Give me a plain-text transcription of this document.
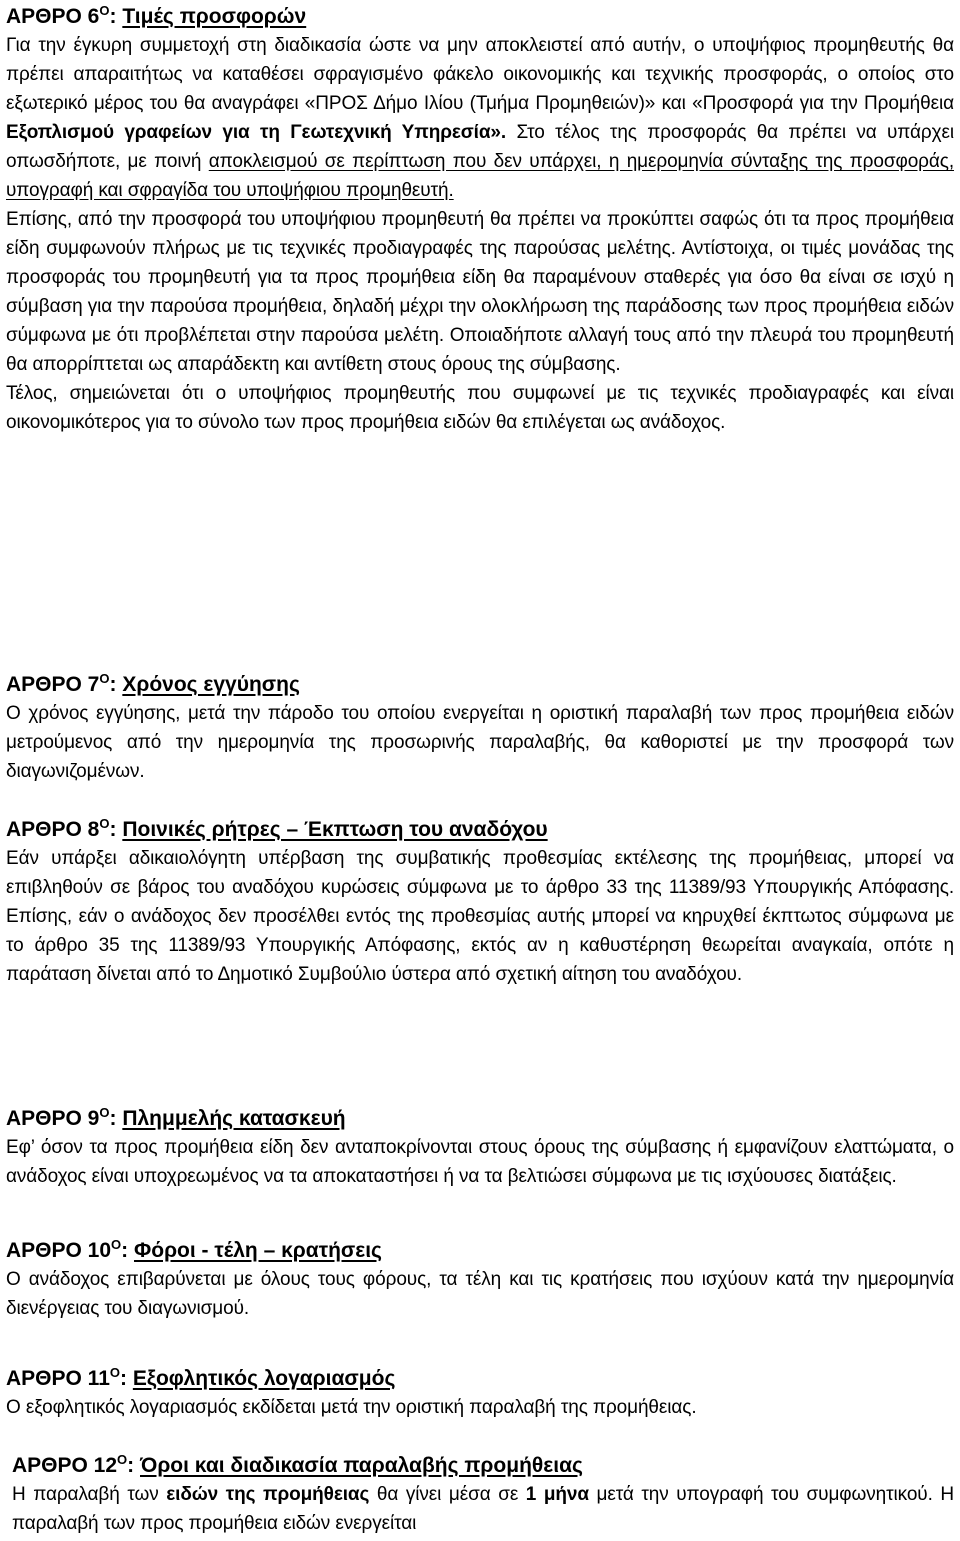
ΑΡΘΡΟ $6^O$: Τιμές προσφορών
Για την έγκυρη συμμετοχή στη διαδικασία ώστε να μην αποκλειστεί από αυτήν, ο υποψήφιος προμηθευτής θα πρέπει απαραιτήτως να καταθέσει σφραγισμένο φάκελο οικονομικής και τεχνικής προσφοράς, ο οποίος στο εξωτερικό μέρος του θα αναγράφει «ΠΡΟΣ Δήμο Ιλίου (Τμήμα Προμηθειών)» και «Προσφορά για την Προμήθεια Εξοπλισμού γραφείων για τη Γεωτεχνική Υπηρεσία». Στο τέλος της προσφοράς θα πρέπει να υπάρχει οπωσδήποτε, με ποινή αποκλεισμού σε περίπτωση που δεν υπάρχει, η ημερομηνία σύνταξης της προσφοράς, υπογραφή και σφραγίδα του υποψήφιου προμηθευτή.
Επίσης, από την προσφορά του υποψήφιου προμηθευτή θα πρέπει να προκύπτει σαφώς ότι τα προς προμήθεια είδη συμφωνούν πλήρως με τις τεχνικές προδιαγραφές της παρούσας μελέτης. Αντίστοιχα, οι τιμές μονάδας της προσφοράς του προμηθευτή για τα προς προμήθεια είδη θα παραμένουν σταθερές για όσο θα είναι σε ισχύ η σύμβαση για την παρούσα προμήθεια, δηλαδή μέχρι την ολοκλήρωση της παράδοσης των προς προμήθεια ειδών σύμφωνα με ότι προβλέπεται στην παρούσα μελέτη. Οποιαδήποτε αλλαγή τους από την πλευρά του προμηθευτή θα απορρίπτεται ως απαράδεκτη και αντίθετη στους όρους της σύμβασης.
Τέλος, σημειώνεται ότι ο υποψήφιος προμηθευτής που συμφωνεί με τις τεχνικές προδιαγραφές και είναι οικονομικότερος για το σύνολο των προς προμήθεια ειδών θα επιλέγεται ως ανάδοχος.
ΑΡΘΡΟ $7^O$: Χρόνος εγγύησης

Ο χρόνος εγγύησης, μετά την πάροδο του οποίου ενεργείται η οριστική παραλαβή των προς προμήθεια ειδών μετρούμενος από την ημερομηνία της προσωρινής παραλαβής, θα καθοριστεί με την προσφορά των διαγωνιζομένων.

ΑΡΘΡΟ $8^O$: Ποινικές ρήτρες – Έκπτωση του αναδόχου

Εάν υπάρξει αδικαιολόγητη υπέρβαση της συμβατικής προθεσμίας εκτέλεσης της προμήθειας, μπορεί να επιβληθούν σε βάρος του αναδόχου κυρώσεις σύμφωνα με το άρθρο 33 της 11389/93 Υπουργικής Απόφασης. Επίσης, εάν ο ανάδοχος δεν προσέλθει εντός της προθεσμίας αυτής μπορεί να κηρυχθεί έκπτωτος σύμφωνα με το άρθρο 35 της 11389/93 Υπουργικής Απόφασης, εκτός αν η καθυστέρηση θεωρείται αναγκαία, οπότε η παράταση δίνεται από το Δημοτικό Συμβούλιο ύστερα από σχετική αίτηση του αναδόχου.

ΑΡΘΡΟ $9^O$: Πλημμελής κατασκευή

Εφ’ όσον τα προς προμήθεια είδη δεν ανταποκρίνονται στους όρους της σύμβασης ή εμφανίζουν ελαττώματα, ο ανάδοχος είναι υποχρεωμένος να τα αποκαταστήσει ή να τα βελτιώσει σύμφωνα με τις ισχύουσες διατάξεις.

ΑΡΘΡΟ $10^O$: Φόροι - τέλη – κρατήσεις

Ο ανάδοχος επιβαρύνεται με όλους τους φόρους, τα τέλη και τις κρατήσεις που ισχύουν κατά την ημερομηνία διενέργειας του διαγωνισμού.

ΑΡΘΡΟ $11^O$: Εξοφλητικός λογαριασμός

Ο εξοφλητικός λογαριασμός εκδίδεται μετά την οριστική παραλαβή της προμήθειας.

ΑΡΘΡΟ $12^O$: Όροι και διαδικασία παραλαβής προμήθειας

Η παραλαβή των ειδών της προμήθειας θα γίνει μέσα σε 1 μήνα μετά την υπογραφή του συμφωνητικού. Η παραλαβή των προς προμήθεια ειδών ενεργείται
